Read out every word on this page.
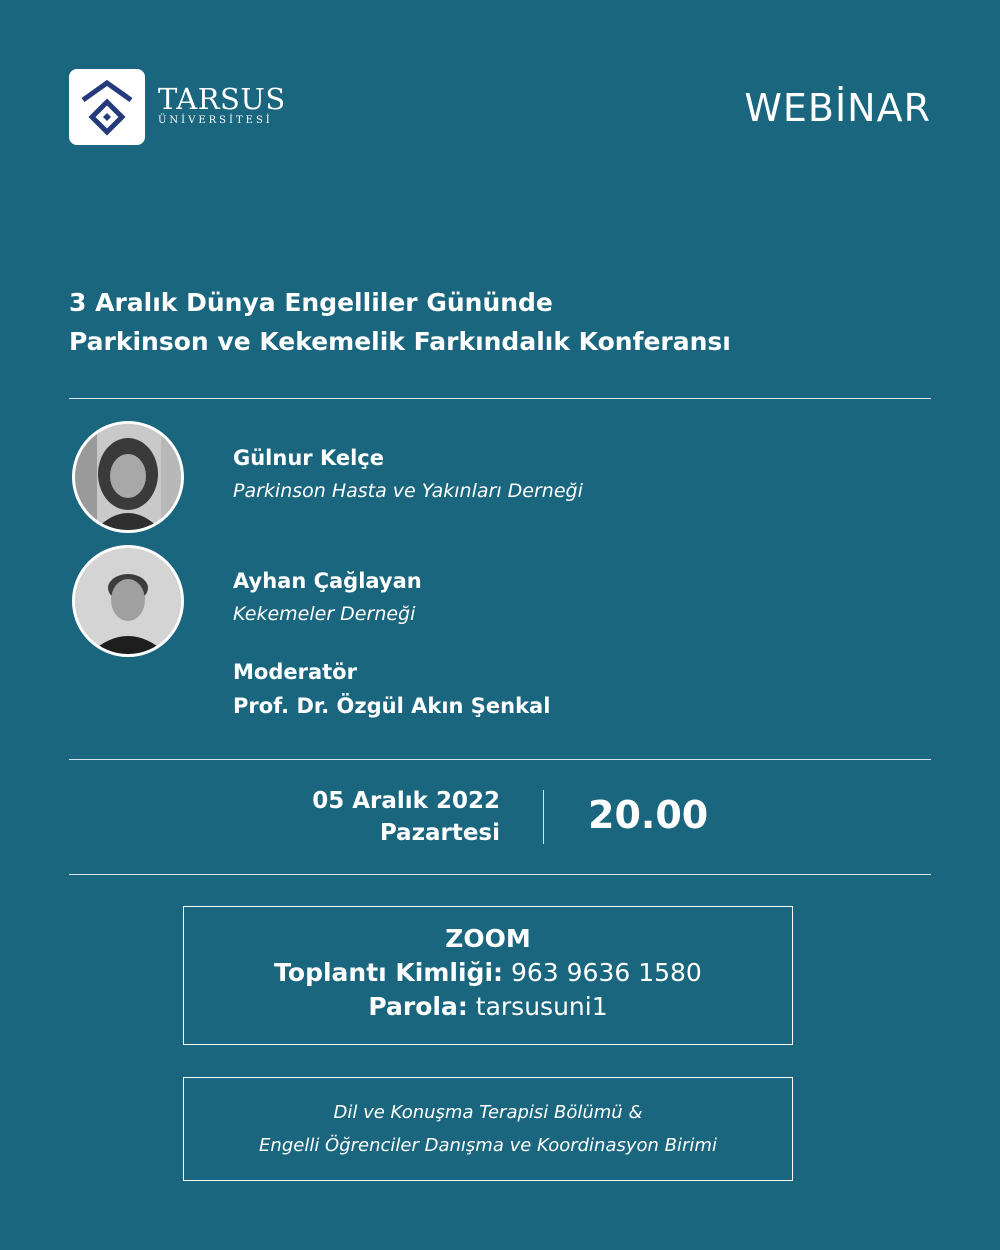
TARSUS
ÜNİVERSİTESİ	WEBİNAR
3 Aralık Dünya Engelliler Gününde
Parkinson ve Kekemelik Farkındalık Konferansı
Gülnur Kelçe
Parkinson Hasta ve Yakınları Derneği
Ayhan Çağlayan
Kekemeler Derneği
Moderatör
Prof. Dr. Özgül Akın Şenkal
05 Aralık 2022
Pazartesi 20.00
ZOOM
Toplantı Kimliği: 963 9636 1580
Parola: tarsusuni1
Dil ve Konuşma Terapisi Bölümü &
Engelli Öğrenciler Danışma ve Koordinasyon Birimi
